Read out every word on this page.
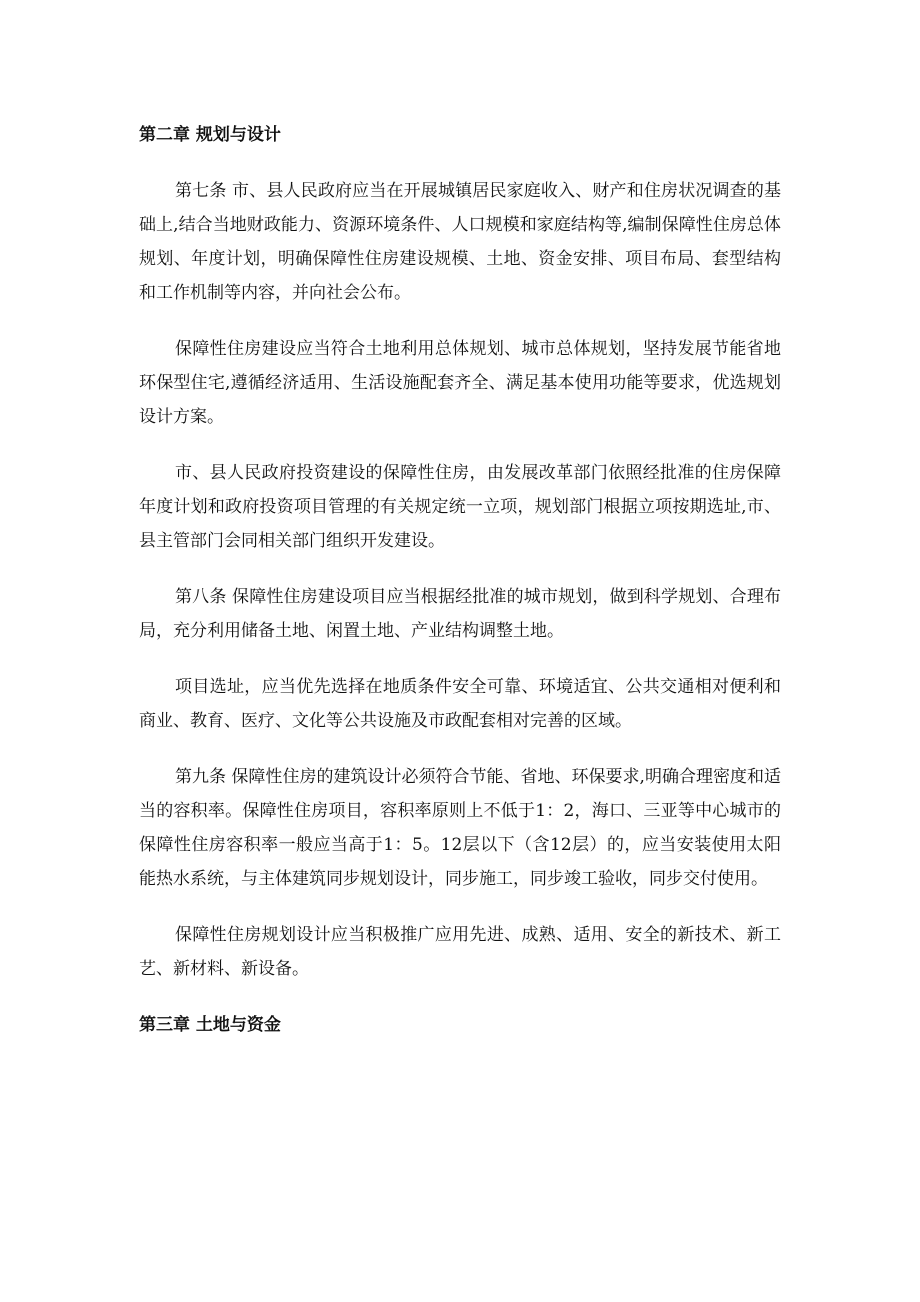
第二章 规划与设计

第七条 市、县人民政府应当在开展城镇居民家庭收入、财产和住房状况调查的基础上,结合当地财政能力、资源环境条件、人口规模和家庭结构等,编制保障性住房总体规划、年度计划，明确保障性住房建设规模、土地、资金安排、项目布局、套型结构和工作机制等内容，并向社会公布。

保障性住房建设应当符合土地利用总体规划、城市总体规划，坚持发展节能省地环保型住宅,遵循经济适用、生活设施配套齐全、满足基本使用功能等要求，优选规划设计方案。

市、县人民政府投资建设的保障性住房，由发展改革部门依照经批准的住房保障年度计划和政府投资项目管理的有关规定统一立项，规划部门根据立项按期选址,市、县主管部门会同相关部门组织开发建设。

第八条 保障性住房建设项目应当根据经批准的城市规划，做到科学规划、合理布局，充分利用储备土地、闲置土地、产业结构调整土地。

项目选址，应当优先选择在地质条件安全可靠、环境适宜、公共交通相对便利和商业、教育、医疗、文化等公共设施及市政配套相对完善的区域。

第九条 保障性住房的建筑设计必须符合节能、省地、环保要求,明确合理密度和适当的容积率。保障性住房项目，容积率原则上不低于1：2，海口、三亚等中心城市的保障性住房容积率一般应当高于1：5。12层以下（含12层）的，应当安装使用太阳能热水系统，与主体建筑同步规划设计，同步施工，同步竣工验收，同步交付使用。

保障性住房规划设计应当积极推广应用先进、成熟、适用、安全的新技术、新工艺、新材料、新设备。

第三章 土地与资金
